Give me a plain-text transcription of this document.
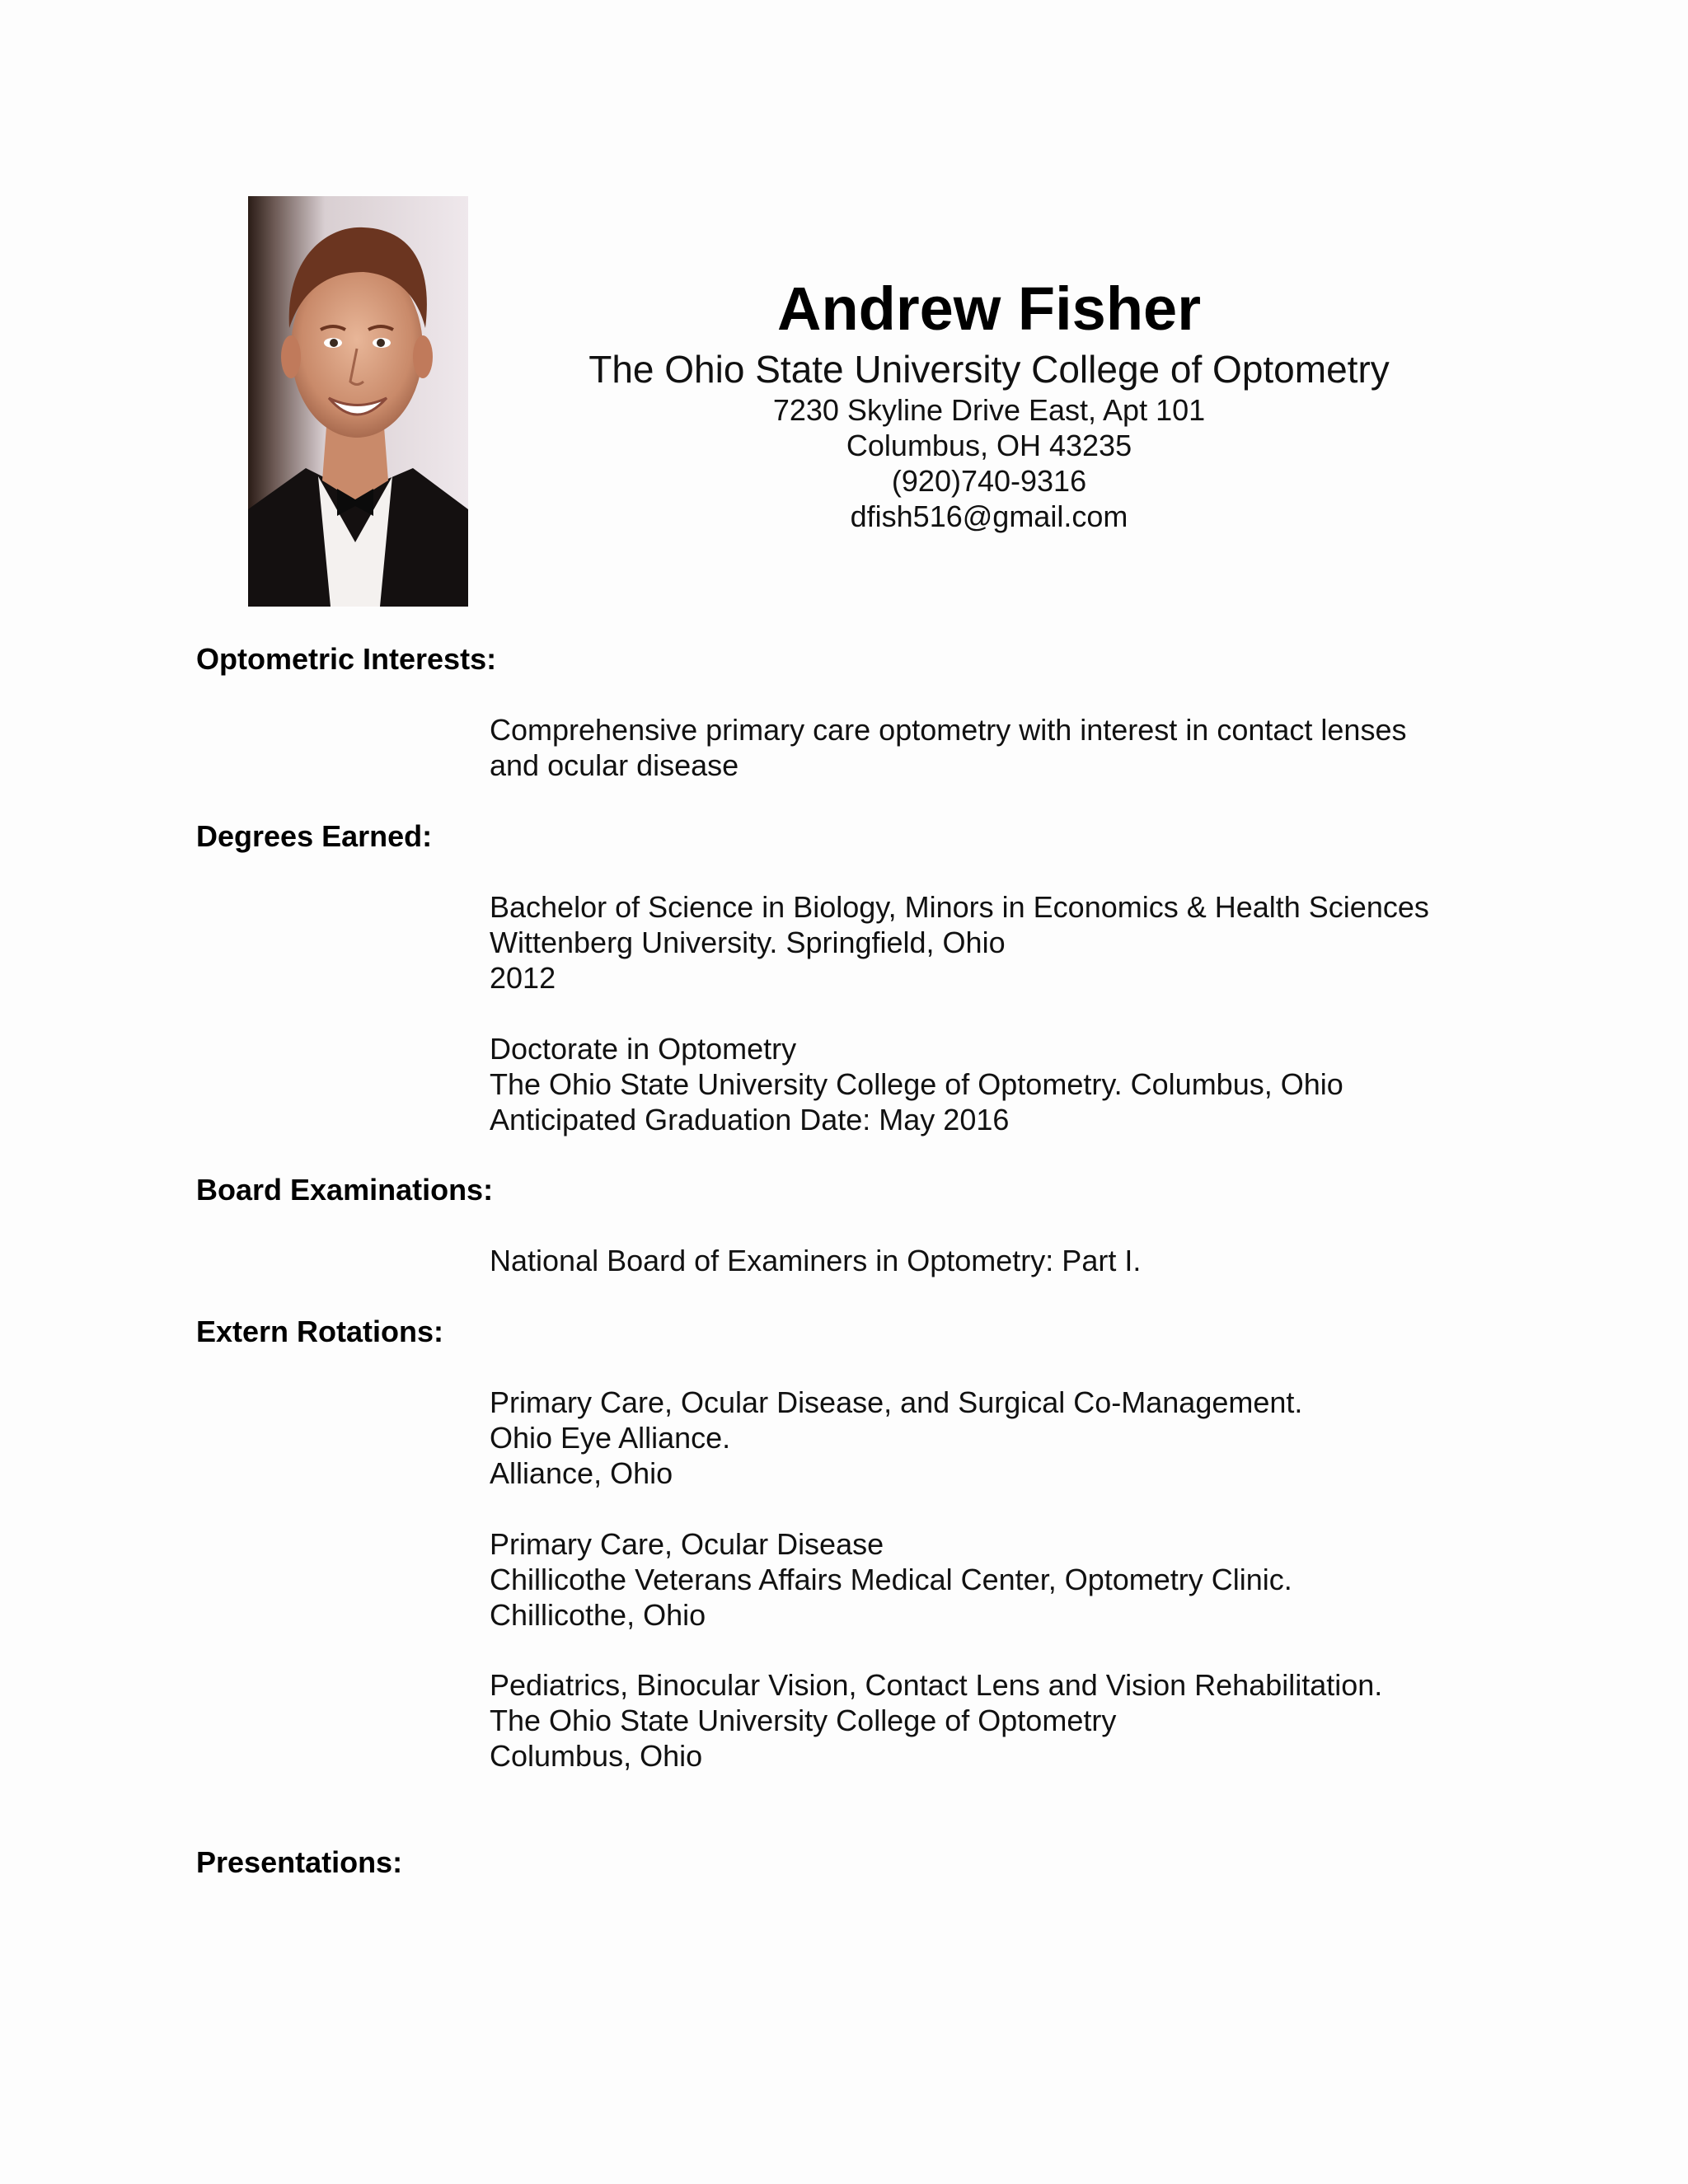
Andrew Fisher
The Ohio State University College of Optometry
7230 Skyline Drive East, Apt 101
Columbus, OH 43235
(920)740-9316
dfish516@gmail.com
Optometric Interests:
Comprehensive primary care optometry with interest in contact lenses
and ocular disease
Degrees Earned:
Bachelor of Science in Biology, Minors in Economics & Health Sciences
Wittenberg University. Springfield, Ohio
2012
Doctorate in Optometry
The Ohio State University College of Optometry. Columbus, Ohio
Anticipated Graduation Date: May 2016
Board Examinations:
National Board of Examiners in Optometry: Part I.
Extern Rotations:
Primary Care, Ocular Disease, and Surgical Co-Management.
Ohio Eye Alliance.
Alliance, Ohio
Primary Care, Ocular Disease
Chillicothe Veterans Affairs Medical Center, Optometry Clinic.
Chillicothe, Ohio
Pediatrics, Binocular Vision, Contact Lens and Vision Rehabilitation.
The Ohio State University College of Optometry
Columbus, Ohio
Presentations:
